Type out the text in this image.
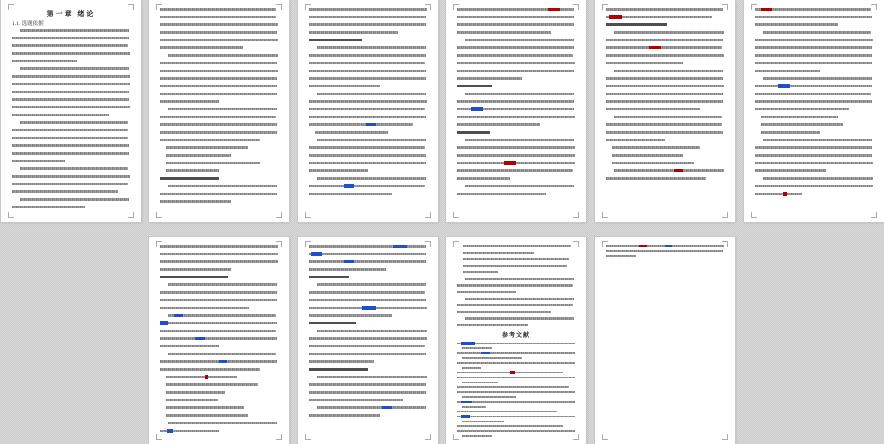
第一章 绪论
1.1. 选题依据
参考文献
